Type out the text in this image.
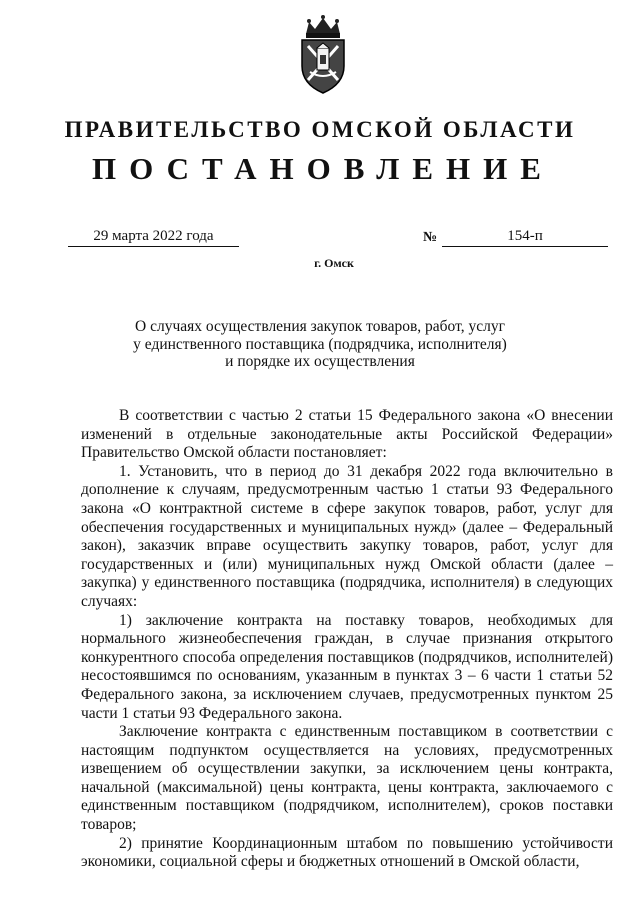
ПРАВИТЕЛЬСТВО ОМСКОЙ ОБЛАСТИ
ПОСТАНОВЛЕНИЕ
29 марта 2022 года	№	154-п
г. Омск
О случаях осуществления закупок товаров, работ, услуг
у единственного поставщика (подрядчика, исполнителя)
и порядке их осуществления

В соответствии с частью 2 статьи 15 Федерального закона «О внесении изменений в отдельные законодательные акты Российской Федерации» Правительство Омской области постановляет:

1. Установить, что в период до 31 декабря 2022 года включительно в дополнение к случаям, предусмотренным частью 1 статьи 93 Федерального закона «О контрактной системе в сфере закупок товаров, работ, услуг для обеспечения государственных и муниципальных нужд» (далее – Федеральный закон), заказчик вправе осуществить закупку товаров, работ, услуг для государственных и (или) муниципальных нужд Омской области (далее – закупка) у единственного поставщика (подрядчика, исполнителя) в следующих случаях:

1) заключение контракта на поставку товаров, необходимых для нормального жизнеобеспечения граждан, в случае признания открытого конкурентного способа определения поставщиков (подрядчиков, исполнителей) несостоявшимся по основаниям, указанным в пунктах 3 – 6 части 1 статьи 52 Федерального закона, за исключением случаев, предусмотренных пунктом 25 части 1 статьи 93 Федерального закона.

Заключение контракта с единственным поставщиком в соответствии с настоящим подпунктом осуществляется на условиях, предусмотренных извещением об осуществлении закупки, за исключением цены контракта, начальной (максимальной) цены контракта, цены контракта, заключаемого с единственным поставщиком (подрядчиком, исполнителем), сроков поставки товаров;

2) принятие Координационным штабом по повышению устойчивости экономики, социальной сферы и бюджетных отношений в Омской области,
